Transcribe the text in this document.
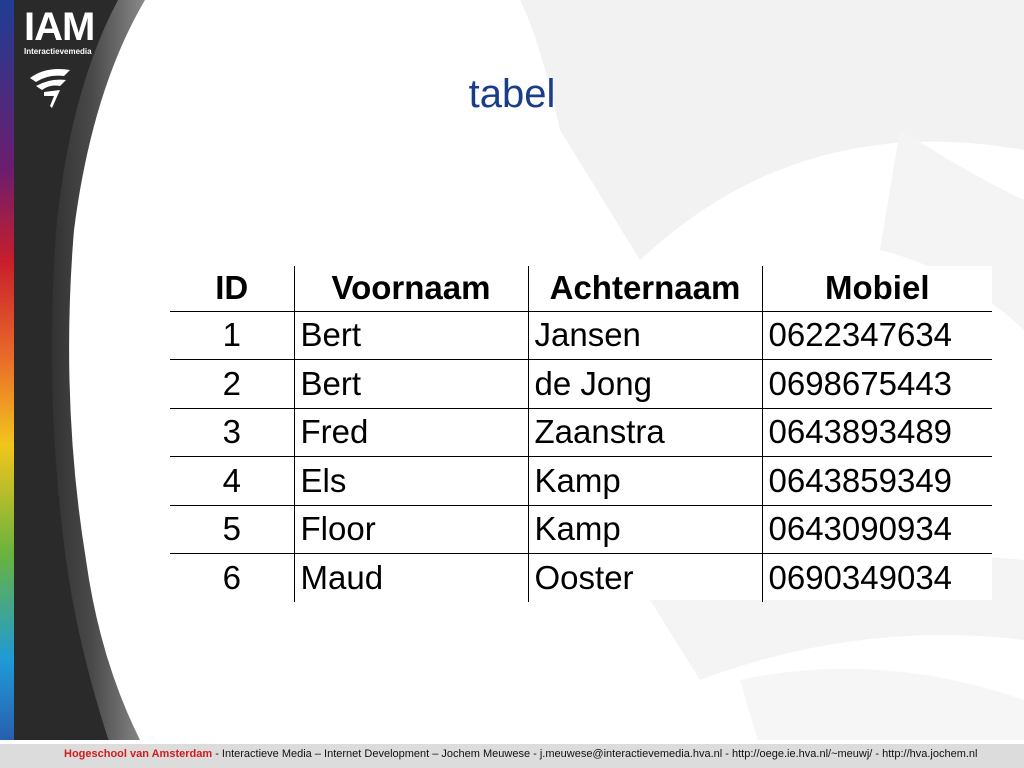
IAM
Interactievemedia
tabel
ID	Voornaam	Achternaam	Mobiel
1	Bert	Jansen	0622347634
2	Bert	de Jong	0698675443
3	Fred	Zaanstra	0643893489
4	Els	Kamp	0643859349
5	Floor	Kamp	0643090934
6	Maud	Ooster	0690349034
Hogeschool van Amsterdam - Interactieve Media – Internet Development – Jochem Meuwese - j.meuwese@interactievemedia.hva.nl - http://oege.ie.hva.nl/~meuwj/ - http://hva.jochem.nl
